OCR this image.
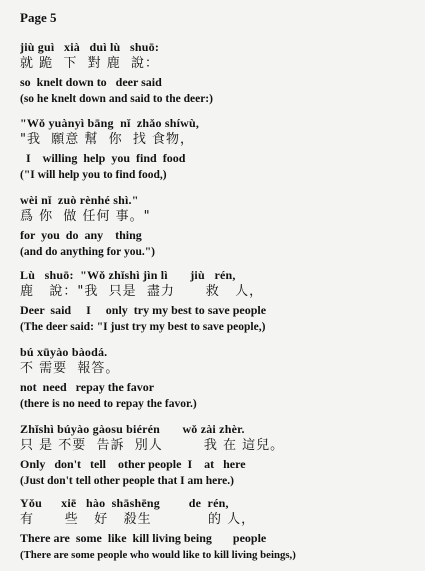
Page 5
jiù guì   xià   duì lù   shuō:
就 跪  下  對 鹿  說：
so  knelt down to   deer said
(so he knelt down and said to the deer:)
"Wǒ yuànyì bāng  nǐ  zhǎo shíwù,
"我  願意 幫  你  找 食物，
I    willing  help  you  find  food
("I will help you to find food,)
wèi nǐ  zuò rènhé shì."
爲 你  做 任何 事。"
for  you  do  any    thing
(and do anything for you.")
Lù   shuō:  "Wǒ zhǐshì jìn lì       jiù   rén,
鹿   說："我  只是  盡力      救   人，
Deer  said     I     only  try my best to save people
(The deer said: "I just try my best to save people,)
bú xūyào bàodá.
不 需要  報答。
not  need   repay the favor
(there is no need to repay the favor.)
Zhǐshì búyào gàosu biérén       wǒ zài zhèr.
只 是 不要  告訴  別人        我 在 這兒。
Only   don't   tell    other people  I    at   here
(Just don't tell other people that I am here.)
Yǒu      xiē   hào  shāshēng         de  rén,
有      些   好   殺生           的 人，
There are  some  like  kill living being       people
(There are some people who would like to kill living beings,)
